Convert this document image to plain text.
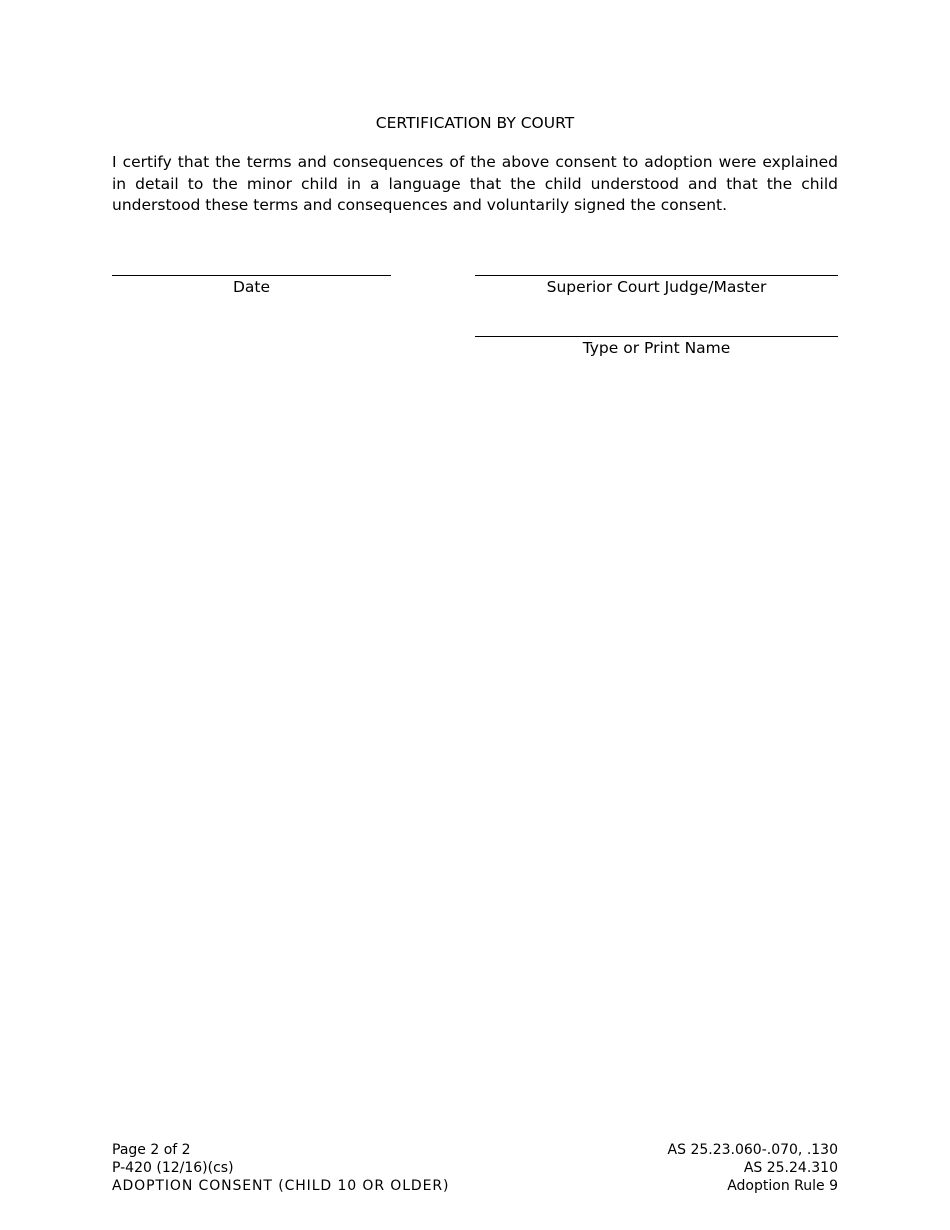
CERTIFICATION BY COURT

I certify that the terms and consequences of the above consent to adoption were explained in detail to the minor child in a language that the child understood and that the child understood these terms and consequences and voluntarily signed the consent.

Date	Superior Court Judge/Master
Type or Print Name
Page 2 of 2
P-420 (12/16)(cs)
ADOPTION CONSENT (CHILD 10 OR OLDER)
AS 25.23.060-.070, .130
AS 25.24.310
Adoption Rule 9
